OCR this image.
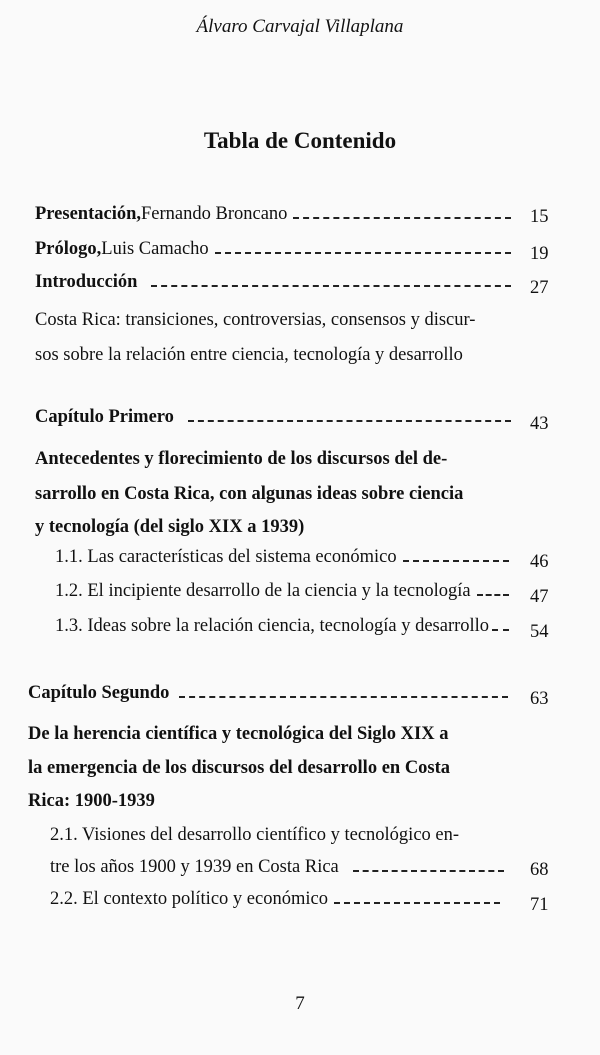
Álvaro Carvajal Villaplana
Tabla de Contenido
Presentación, Fernando Broncano	15
Prólogo, Luis Camacho	19
Introducción	27
Costa Rica: transiciones, controversias, consensos y discur-
sos sobre la relación entre ciencia, tecnología y desarrollo
Capítulo Primero	43
Antecedentes y florecimiento de los discursos del de-
sarrollo en Costa Rica, con algunas ideas sobre ciencia
y tecnología (del siglo XIX a 1939)
1.1. Las características del sistema económico	46
1.2. El incipiente desarrollo de la ciencia y la tecnología	47
1.3. Ideas sobre la relación ciencia, tecnología y desarrollo 54
Capítulo Segundo	63
De la herencia científica y tecnológica del Siglo XIX a
la emergencia de los discursos del desarrollo en Costa
Rica: 1900-1939
2.1. Visiones del desarrollo científico y tecnológico en-
tre los años 1900 y 1939 en Costa Rica	68
2.2. El contexto político y económico	71
7
